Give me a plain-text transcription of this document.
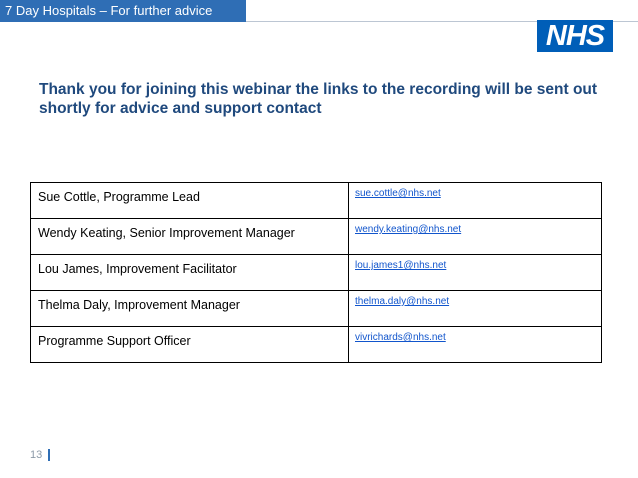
7 Day Hospitals – For further advice
NHS

Thank you for joining this webinar the links to the recording will be sent out shortly for advice and support contact

Sue Cottle, Programme Lead	sue.cottle@nhs.net
Wendy Keating, Senior Improvement Manager	wendy.keating@nhs.net
Lou James, Improvement Facilitator	lou.james1@nhs.net
Thelma Daly, Improvement Manager	thelma.daly@nhs.net
Programme Support Officer	vivrichards@nhs.net
13
